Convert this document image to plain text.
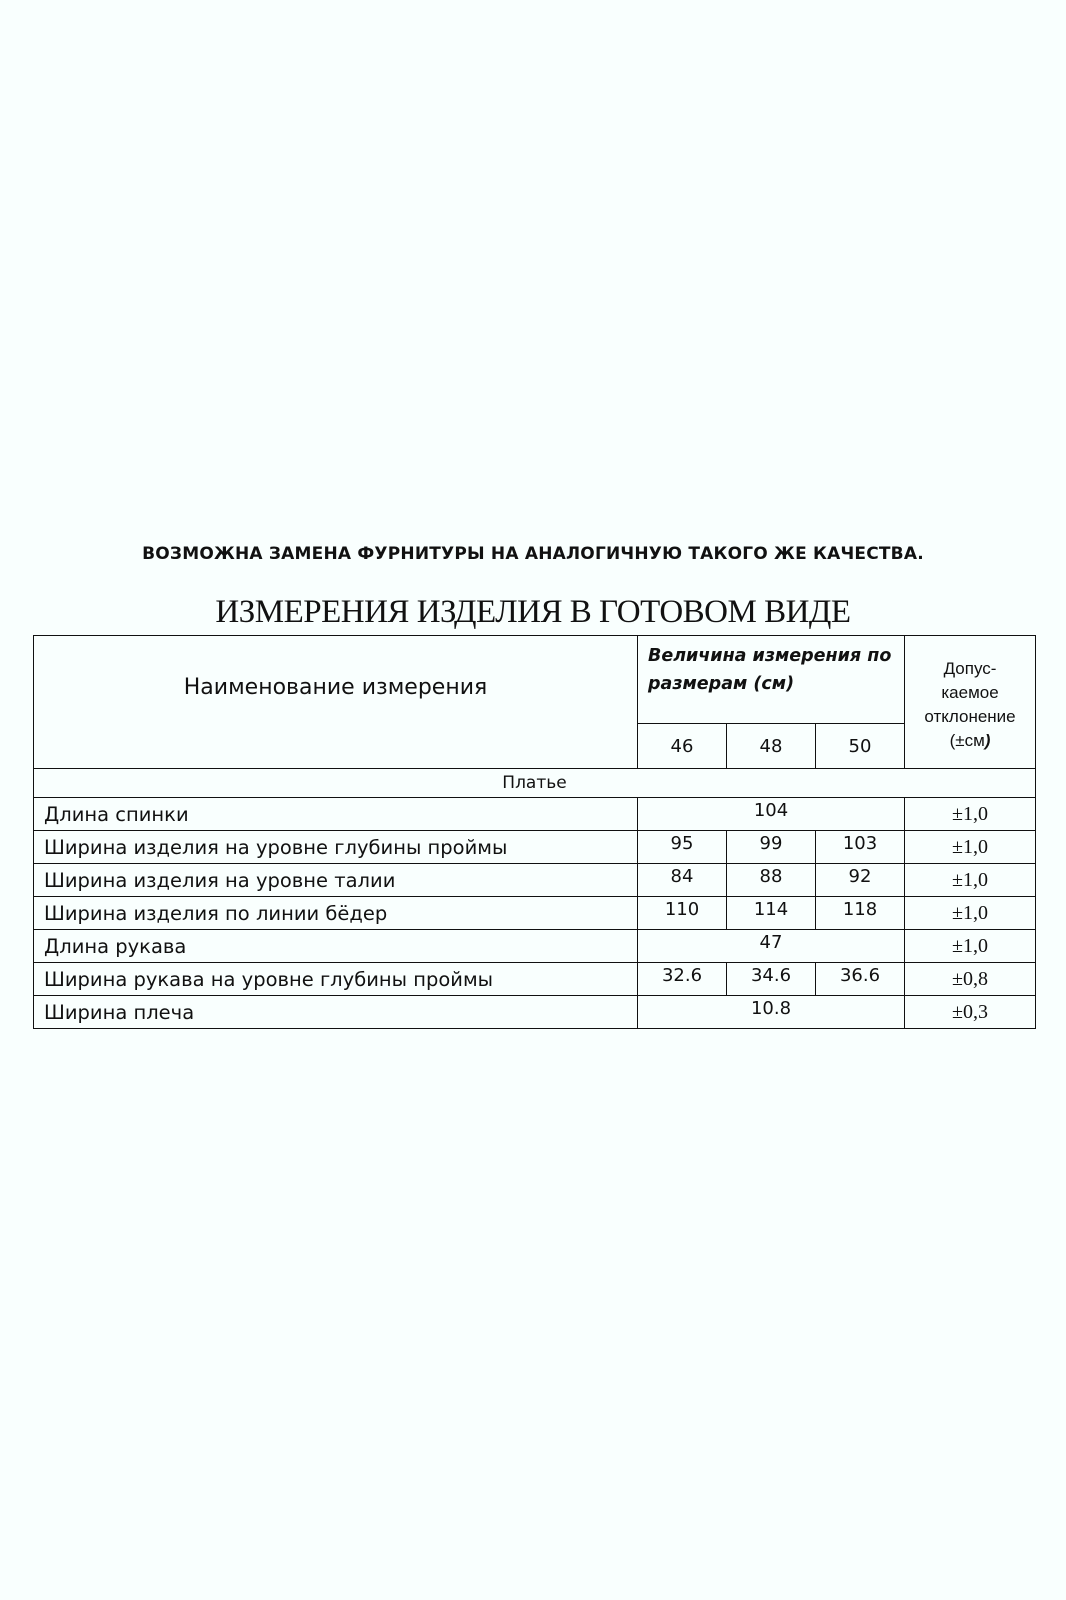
ВОЗМОЖНА ЗАМЕНА ФУРНИТУРЫ НА АНАЛОГИЧНУЮ ТАКОГО ЖЕ КАЧЕСТВА.
ИЗМЕРЕНИЯ ИЗДЕЛИЯ В ГОТОВОМ ВИДЕ
Наименование измерения	Величина измерения по размерам (см)			Допус-
каемое
отклонение
(±см)
	46	48	50	
Платье				
Длина спинки	104			±1,0
Ширина изделия на уровне глубины проймы	95	99	103	±1,0
Ширина изделия на уровне талии	84	88	92	±1,0
Ширина изделия по линии бёдер	110	114	118	±1,0
Длина рукава	47			±1,0
Ширина рукава на уровне глубины проймы	32.6	34.6	36.6	±0,8
Ширина плеча	10.8			±0,3
